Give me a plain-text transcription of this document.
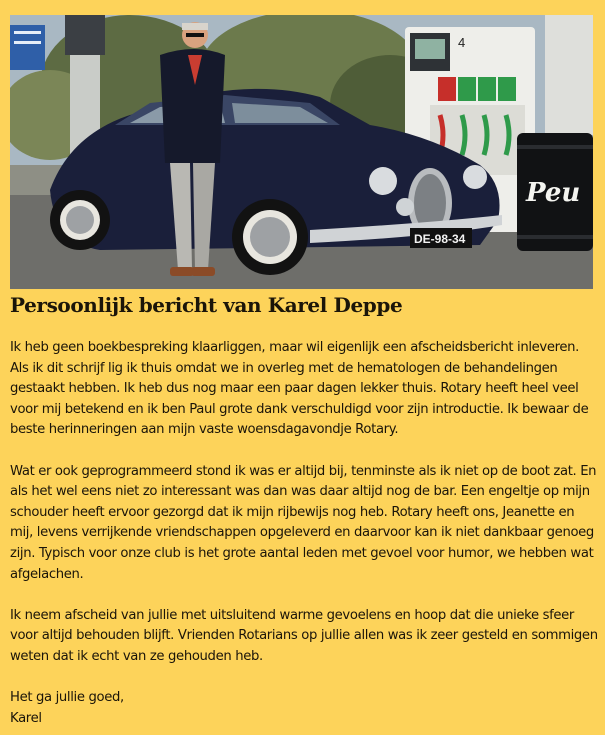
4
Peu
DE-98-34
Persoonlijk bericht van Karel Deppe

Ik heb geen boekbespreking klaarliggen, maar wil eigenlijk een afscheidsbericht inleveren. Als ik dit schrijf lig ik thuis omdat we in overleg met de hematologen de behandelingen gestaakt hebben. Ik heb dus nog maar een paar dagen lekker thuis. Rotary heeft heel veel voor mij betekend en ik ben Paul grote dank verschuldigd voor zijn introductie. Ik bewaar de beste herinneringen aan mijn vaste woensdagavondje Rotary.

Wat er ook geprogrammeerd stond ik was er altijd bij, tenminste als ik niet op de boot zat. En als het wel eens niet zo interessant was dan was daar altijd nog de bar. Een engeltje op mijn schouder heeft ervoor gezorgd dat ik mijn rijbewijs nog heb. Rotary heeft ons, Jeanette en mij, levens verrijkende vriendschappen opgeleverd en daarvoor kan ik niet dankbaar genoeg zijn. Typisch voor onze club is het grote aantal leden met gevoel voor humor, we hebben wat afgelachen.

Ik neem afscheid van jullie met uitsluitend warme gevoelens en hoop dat die unieke sfeer voor altijd behouden blijft. Vrienden Rotarians op jullie allen was ik zeer gesteld en sommigen weten dat ik echt van ze gehouden heb.

Het ga jullie goed,
Karel
